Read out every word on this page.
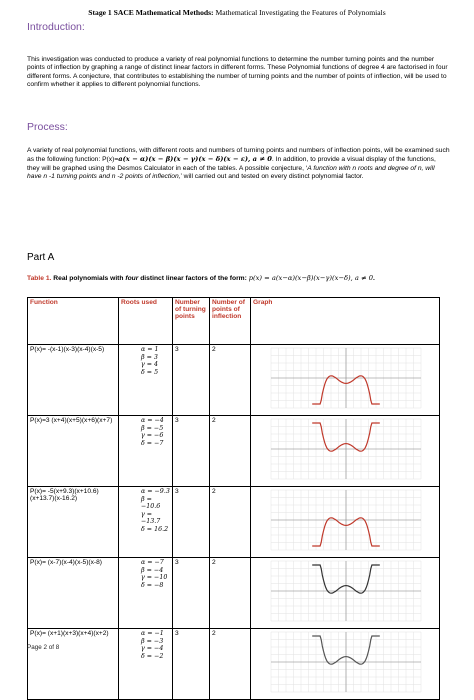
Stage 1 SACE Mathematical Methods: Mathematical Investigating the Features of Polynomials
Introduction:
This investigation was conducted to produce a variety of real polynomial functions to determine the number turning points and the number points of inflection by graphing a range of distinct linear factors in different forms. These Polynomial functions of degree 4 are factorised in four different forms. A conjecture, that contributes to establishing the number of turning points and the number of points of inflection, will be used to confirm whether it applies to different polynomial functions.
Process:
A variety of real polynomial functions, with different roots and numbers of turning points and numbers of inflection points, will be examined such as the following function: P(x)=a(x − α)(x − β)(x − γ)(x − δ)(x − ε), a ≠ 0. In addition, to provide a visual display of the functions, they will be graphed using the Desmos Calculator in each of the tables. A possible conjecture, ‘A function with n roots and degree of n, will have n -1 turning points and n -2 points of inflection,’ will carried out and tested on every distinct polynomial factor.
Part A
Table 1. Real polynomials with four distinct linear factors of the form: p(x) = a(x−α)(x−β)(x−γ)(x−δ), a ≠ 0.
Function	Roots used	Number of turning points	Number of points of inflection	Graph
P(x)= -(x-1)(x-3)(x-4)(x-5)	α = 1
β = 3
γ = 4
δ = 5	3	2	

P(x)=3 (x+4)(x+5)(x+6)(x+7)	α = −4
β = −5
γ = −6
δ = −7	3	2	

P(x)= -5(x+9.3)(x+10.6)(x+13.7)(x-16.2)	α = −9.3
β = −10.6
γ = −13.7
δ = 16.2	3	2	

P(x)= (x-7)(x-4)(x-5)(x-8)	α = −7
β = −4
γ = −10
δ = −8	3	2	

P(x)= (x+1)(x+3)(x+4)(x+2)	α = −1
β = −3
γ = −4
δ = −2	3	2	
Page 2 of 8
